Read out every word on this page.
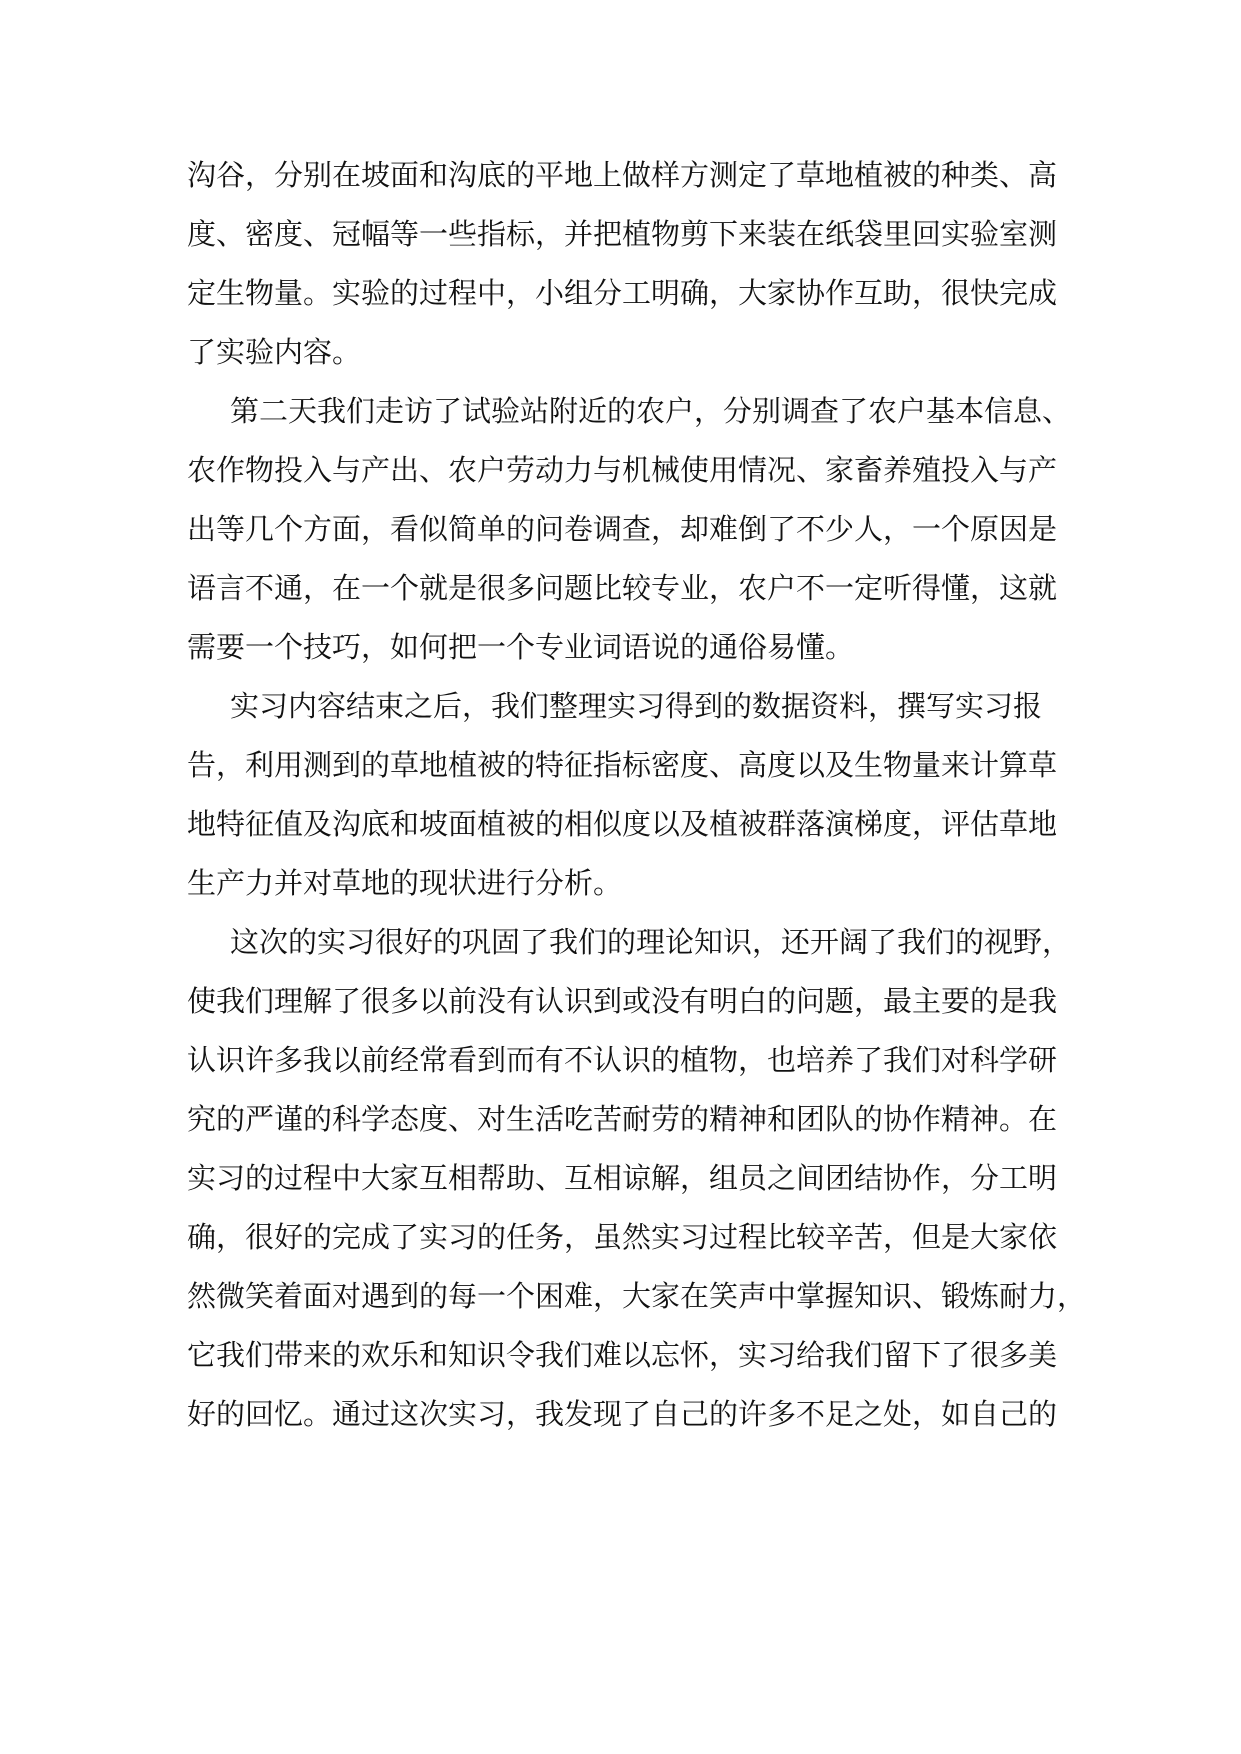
沟谷，分别在坡面和沟底的平地上做样方测定了草地植被的种类、高
度、密度、冠幅等一些指标，并把植物剪下来装在纸袋里回实验室测
定生物量。实验的过程中，小组分工明确，大家协作互助，很快完成
了实验内容。
第二天我们走访了试验站附近的农户，分别调查了农户基本信息、
农作物投入与产出、农户劳动力与机械使用情况、家畜养殖投入与产
出等几个方面，看似简单的问卷调查，却难倒了不少人，一个原因是
语言不通，在一个就是很多问题比较专业，农户不一定听得懂，这就
需要一个技巧，如何把一个专业词语说的通俗易懂。
实习内容结束之后，我们整理实习得到的数据资料，撰写实习报
告，利用测到的草地植被的特征指标密度、高度以及生物量来计算草
地特征值及沟底和坡面植被的相似度以及植被群落演梯度，评估草地
生产力并对草地的现状进行分析。
这次的实习很好的巩固了我们的理论知识，还开阔了我们的视野，
使我们理解了很多以前没有认识到或没有明白的问题，最主要的是我
认识许多我以前经常看到而有不认识的植物，也培养了我们对科学研
究的严谨的科学态度、对生活吃苦耐劳的精神和团队的协作精神。在
实习的过程中大家互相帮助、互相谅解，组员之间团结协作，分工明
确，很好的完成了实习的任务，虽然实习过程比较辛苦，但是大家依
然微笑着面对遇到的每一个困难，大家在笑声中掌握知识、锻炼耐力，
它我们带来的欢乐和知识令我们难以忘怀，实习给我们留下了很多美
好的回忆。通过这次实习，我发现了自己的许多不足之处，如自己的
